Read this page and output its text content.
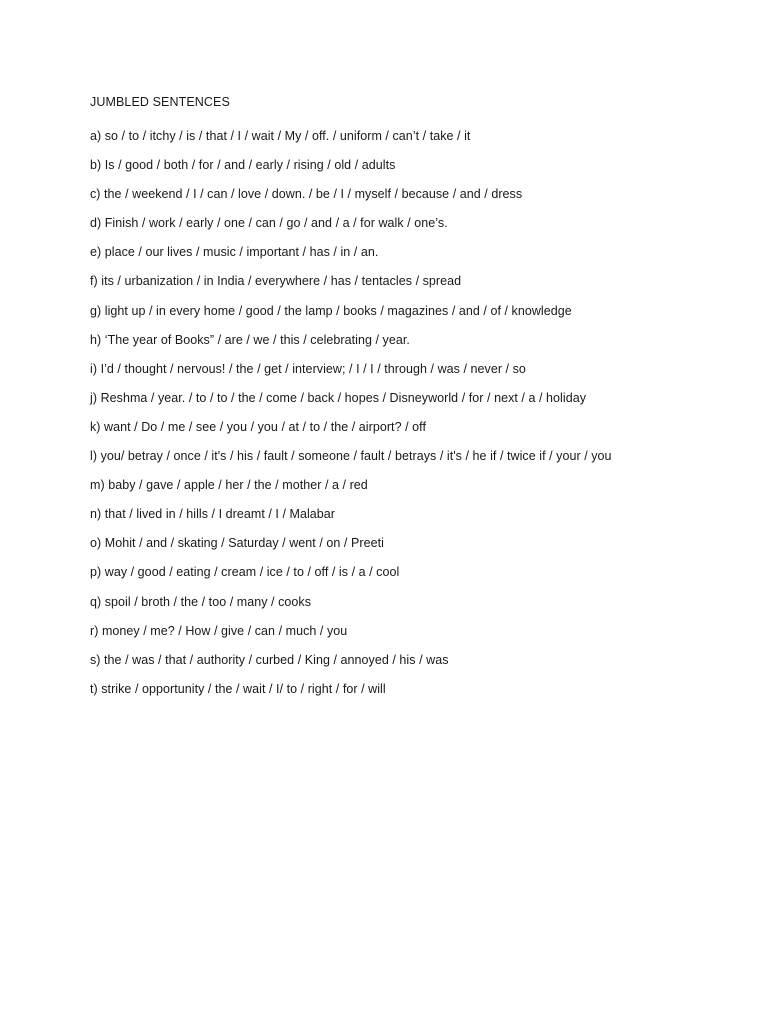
JUMBLED SENTENCES
a) so / to / itchy / is / that / I / wait / My / off. / uniform / can’t / take / it
b) Is / good / both / for / and / early / rising / old / adults
c) the / weekend / I / can / love / down. / be / I / myself / because / and / dress
d) Finish / work / early / one / can / go / and / a / for walk / one’s.
e) place / our lives / music / important / has / in / an.
f) its / urbanization / in India / everywhere / has / tentacles / spread
g) light up / in every home / good / the lamp / books / magazines / and / of / knowledge
h) ‘The year of Books” / are / we / this / celebrating / year.
i) I’d / thought / nervous! / the / get / interview; / I / I / through / was / never / so
j) Reshma / year. / to / to / the / come / back / hopes / Disneyworld / for / next / a / holiday
k) want / Do / me / see / you / you / at / to / the / airport? / off
l) you/ betray / once / it's / his / fault / someone / fault / betrays / it's / he if / twice if / your / you
m) baby / gave / apple / her / the / mother / a / red
n) that / lived in / hills / I dreamt / I / Malabar
o) Mohit / and / skating / Saturday / went / on / Preeti
p) way / good / eating / cream / ice / to / off / is / a / cool
q) spoil / broth / the / too / many / cooks
r) money / me? / How / give / can / much / you
s) the / was / that / authority / curbed / King / annoyed / his / was
t) strike / opportunity / the / wait / I/ to / right / for / will
